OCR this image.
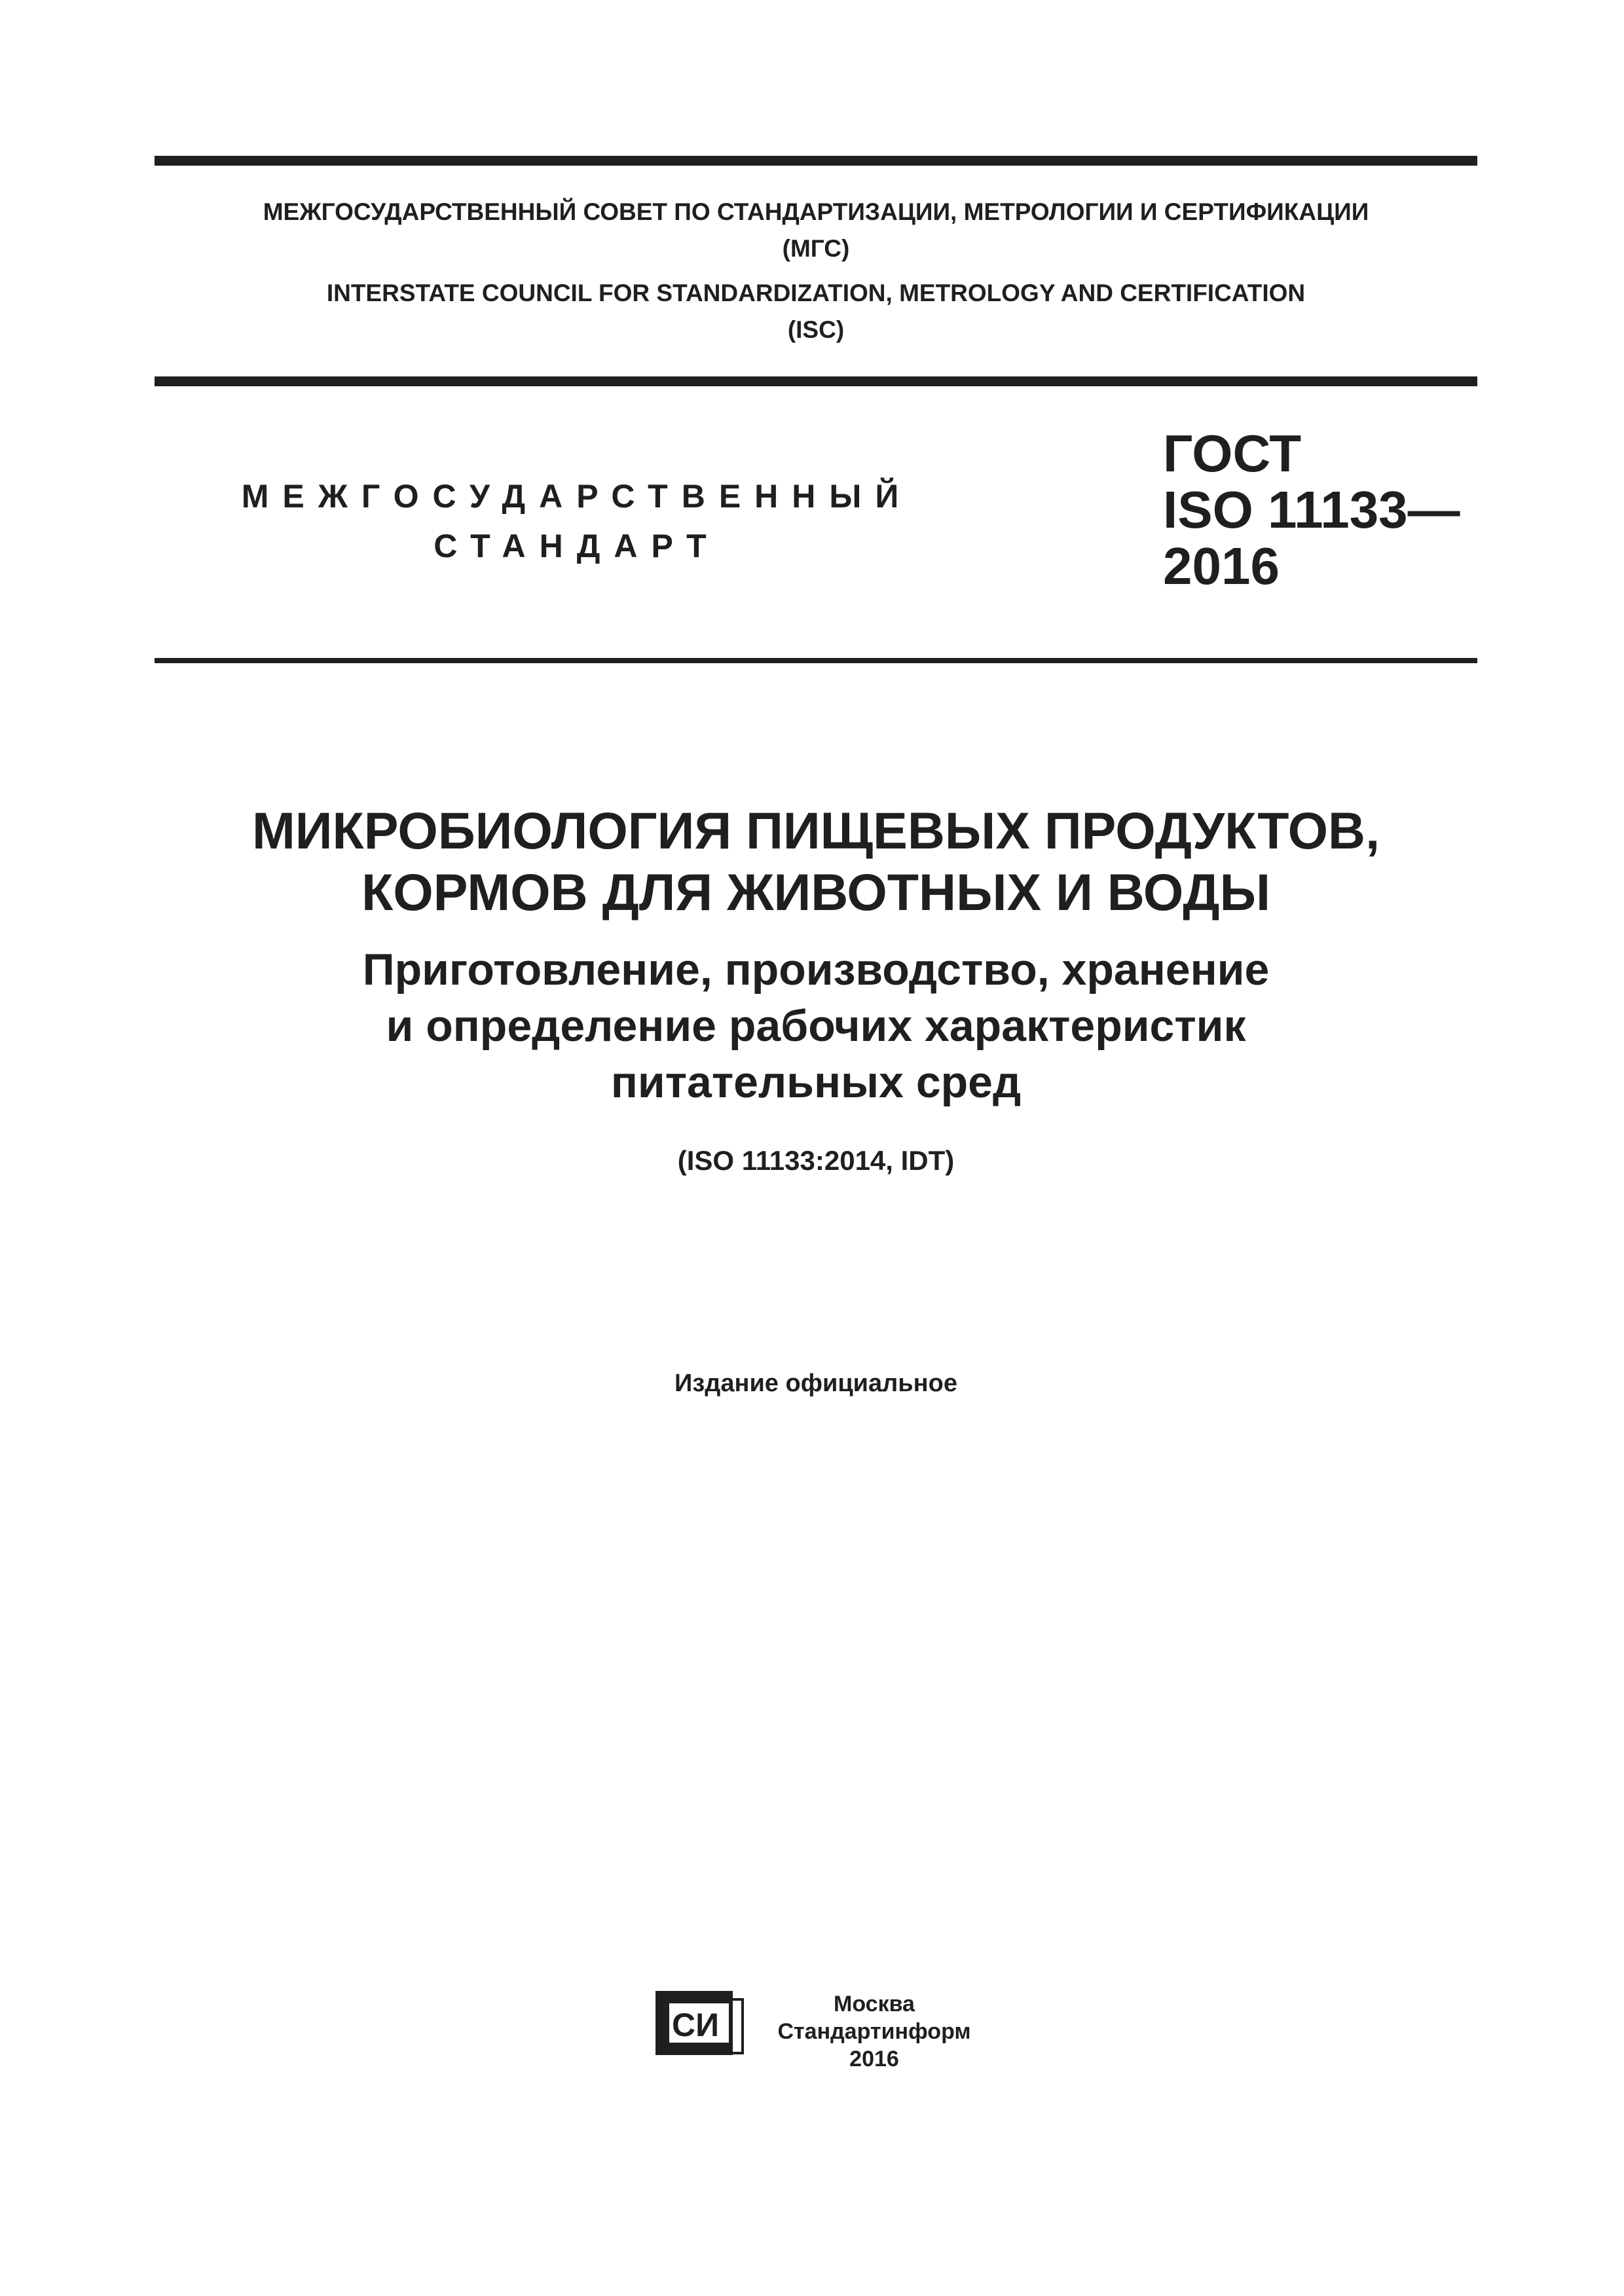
МЕЖГОСУДАРСТВЕННЫЙ СОВЕТ ПО СТАНДАРТИЗАЦИИ, МЕТРОЛОГИИ И СЕРТИФИКАЦИИ
(МГС)
INTERSTATE COUNCIL FOR STANDARDIZATION, METROLOGY AND CERTIFICATION
(ISC)
МЕЖГОСУДАРСТВЕННЫЙ
СТАНДАРТ
ГОСТ
ISO 11133—
2016
МИКРОБИОЛОГИЯ ПИЩЕВЫХ ПРОДУКТОВ,
КОРМОВ ДЛЯ ЖИВОТНЫХ И ВОДЫ
Приготовление, производство, хранение
и определение рабочих характеристик
питательных сред
(ISO 11133:2014, IDT)
Издание официальное
СИ
Москва
Стандартинформ
2016
